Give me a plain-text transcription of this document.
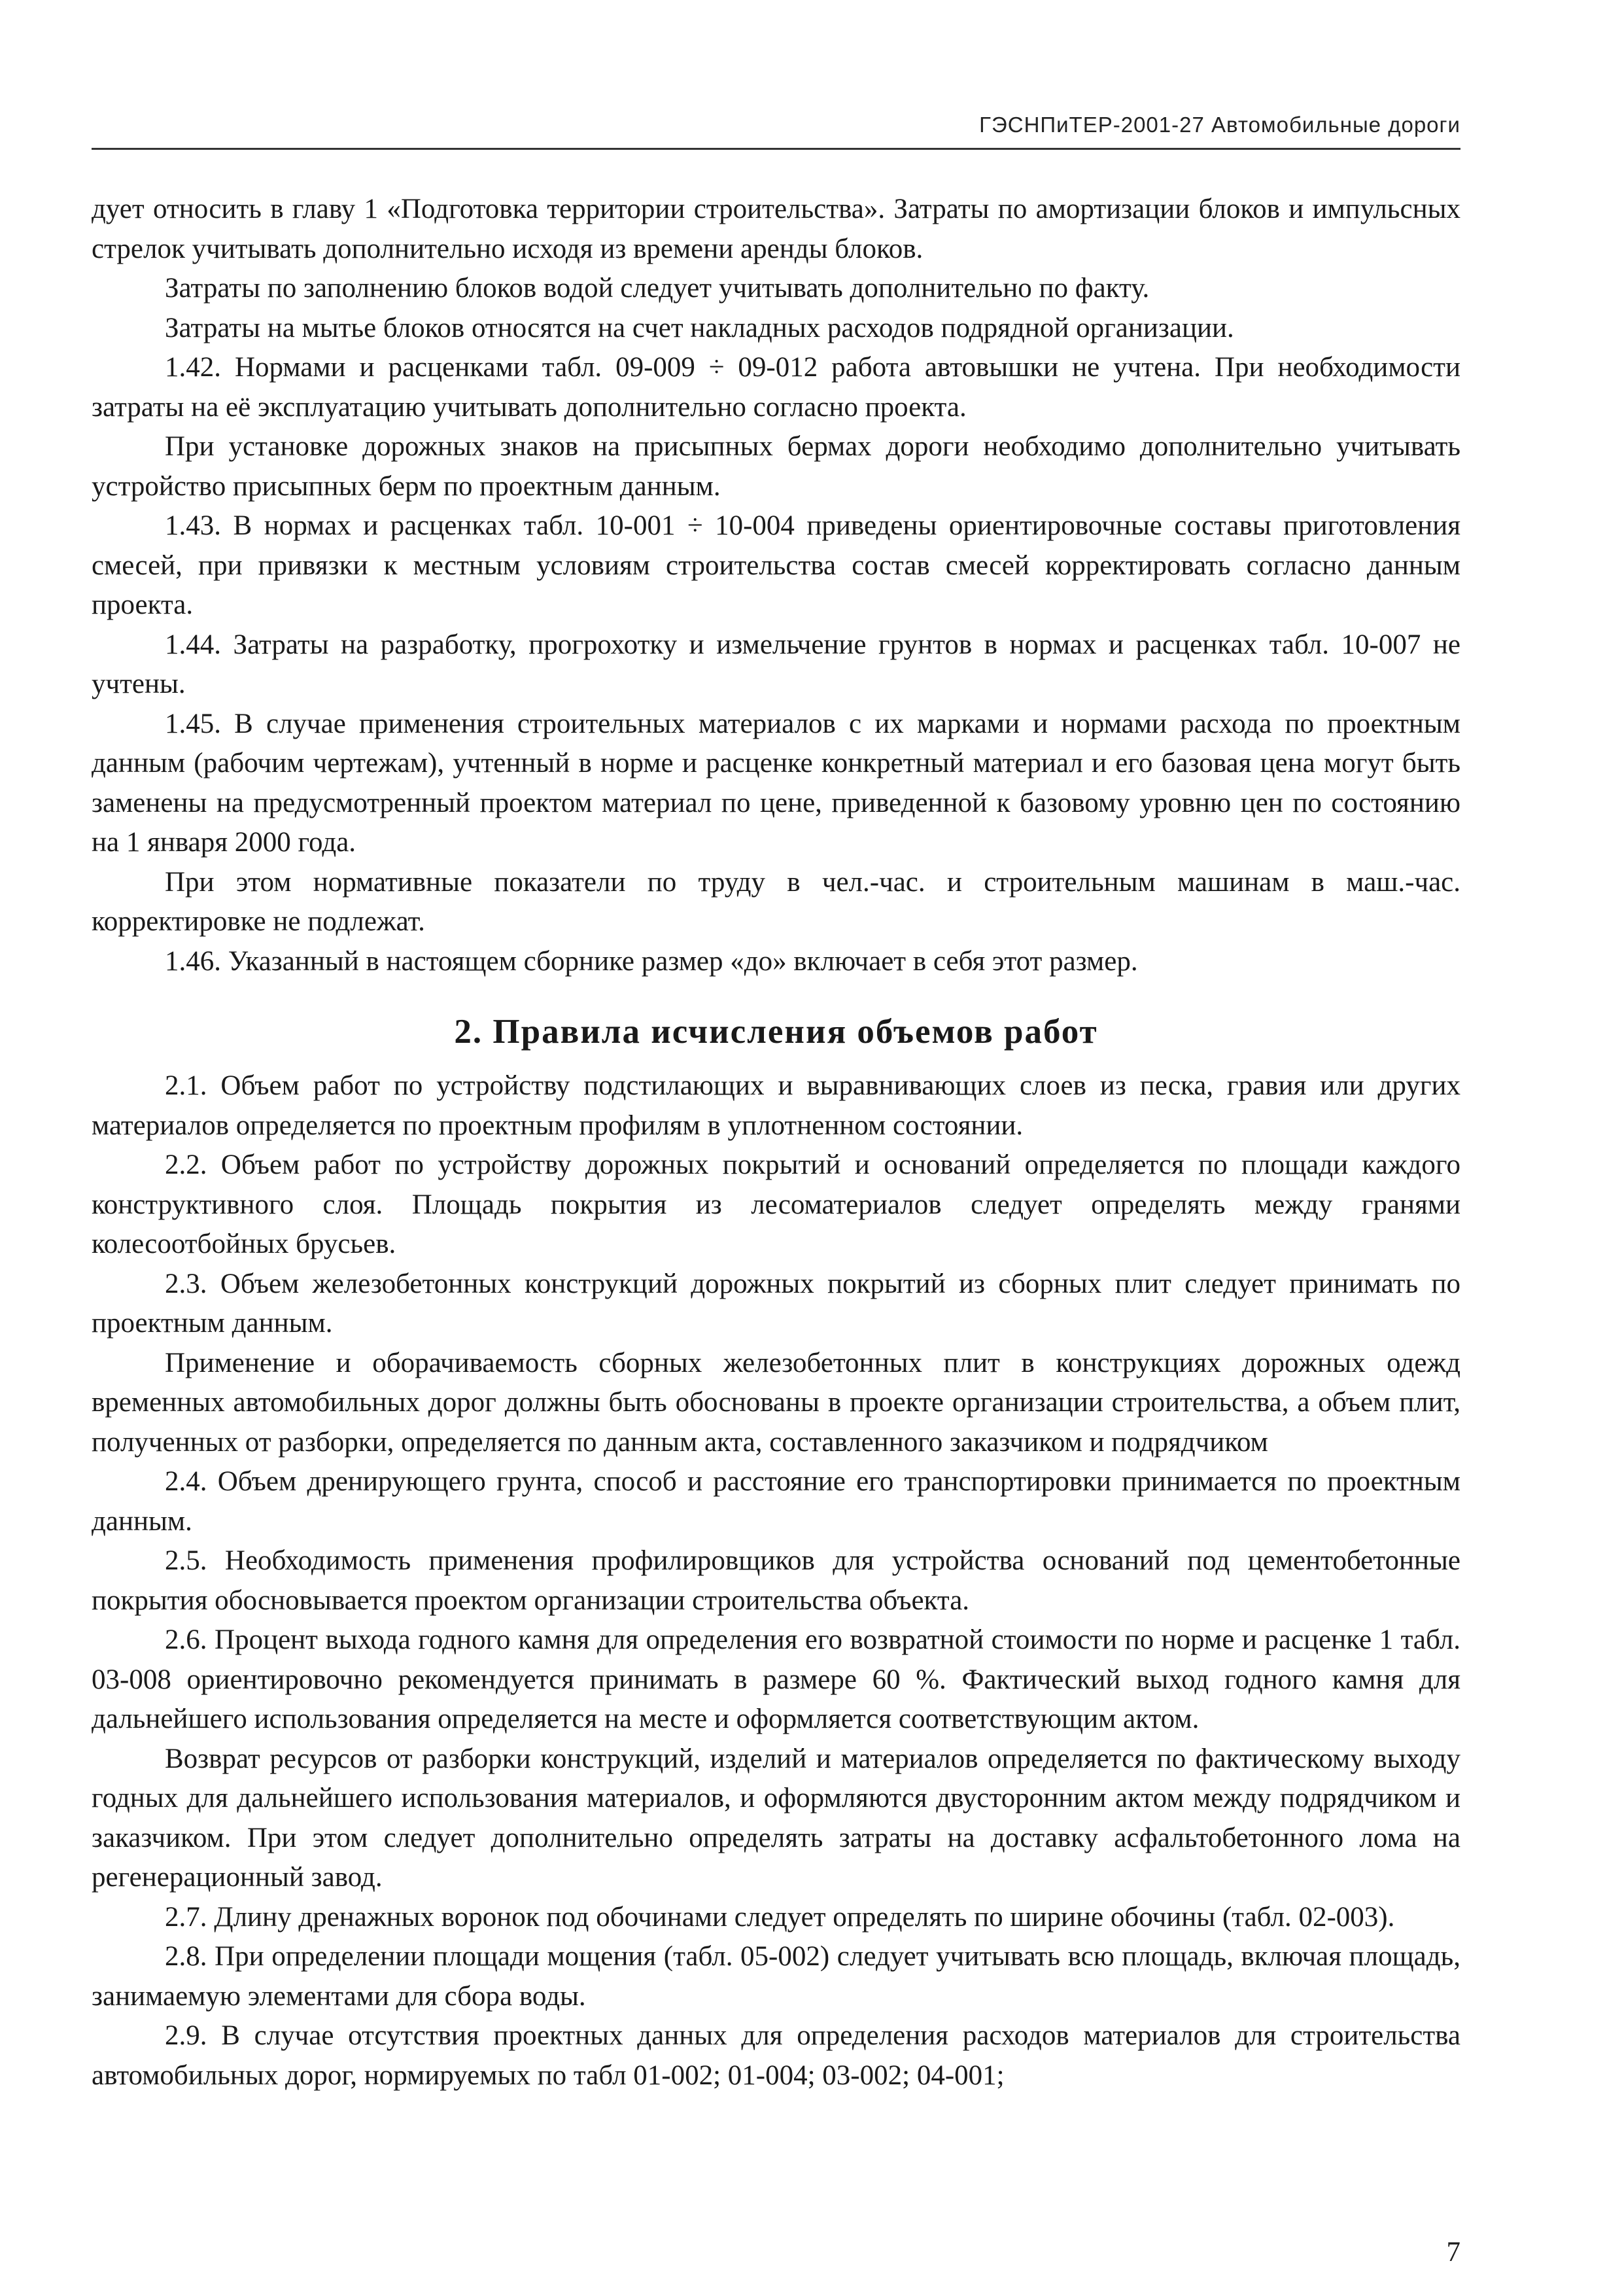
ГЭСНПиТЕР-2001-27 Автомобильные дороги

дует относить в главу 1 «Подготовка территории строительства». Затраты по амортизации блоков и импульсных стрелок учитывать дополнительно исходя из времени аренды блоков.

Затраты по заполнению блоков водой следует учитывать дополнительно по факту.

Затраты на мытье блоков относятся на счет накладных расходов подрядной организации.

1.42. Нормами и расценками табл. 09-009 ÷ 09-012 работа автовышки не учтена. При необходимости затраты на её эксплуатацию учитывать дополнительно согласно проекта.

При установке дорожных знаков на присыпных бермах дороги необходимо дополнительно учитывать устройство присыпных берм по проектным данным.

1.43. В нормах и расценках табл. 10-001 ÷ 10-004 приведены ориентировочные составы приготовления смесей, при привязки к местным условиям строительства состав смесей корректировать согласно данным проекта.

1.44. Затраты на разработку, прогрохотку и измельчение грунтов в нормах и расценках табл. 10-007 не учтены.

1.45. В случае применения строительных материалов с их марками и нормами расхода по проектным данным (рабочим чертежам), учтенный в норме и расценке конкретный материал и его базовая цена могут быть заменены на предусмотренный проектом материал по цене, приведенной к базовому уровню цен по состоянию на 1 января 2000 года.

При этом нормативные показатели по труду в чел.-час. и строительным машинам в маш.-час. корректировке не подлежат.

1.46. Указанный в настоящем сборнике размер «до» включает в себя этот размер.

2. Правила исчисления объемов работ

2.1. Объем работ по устройству подстилающих и выравнивающих слоев из песка, гравия или других материалов определяется по проектным профилям в уплотненном состоянии.

2.2. Объем работ по устройству дорожных покрытий и оснований определяется по площади каждого конструктивного слоя. Площадь покрытия из лесоматериалов следует определять между гранями колесоотбойных брусьев.

2.3. Объем железобетонных конструкций дорожных покрытий из сборных плит следует принимать по проектным данным.

Применение и оборачиваемость сборных железобетонных плит в конструкциях дорожных одежд временных автомобильных дорог должны быть обоснованы в проекте организации строительства, а объем плит, полученных от разборки, определяется по данным акта, составленного заказчиком и подрядчиком

2.4. Объем дренирующего грунта, способ и расстояние его транспортировки принимается по проектным данным.

2.5. Необходимость применения профилировщиков для устройства оснований под цементобетонные покрытия обосновывается проектом организации строительства объекта.

2.6. Процент выхода годного камня для определения его возвратной стоимости по норме и расценке 1 табл. 03-008 ориентировочно рекомендуется принимать в размере 60 %. Фактический выход годного камня для дальнейшего использования определяется на месте и оформляется соответствующим актом.

Возврат ресурсов от разборки конструкций, изделий и материалов определяется по фактическому выходу годных для дальнейшего использования материалов, и оформляются двусторонним актом между подрядчиком и заказчиком. При этом следует дополнительно определять затраты на доставку асфальтобетонного лома на регенерационный завод.

2.7. Длину дренажных воронок под обочинами следует определять по ширине обочины (табл. 02-003).

2.8. При определении площади мощения (табл. 05-002) следует учитывать всю площадь, включая площадь, занимаемую элементами для сбора воды.

2.9. В случае отсутствия проектных данных для определения расходов материалов для строительства автомобильных дорог, нормируемых по табл 01-002; 01-004; 03-002; 04-001;

7
